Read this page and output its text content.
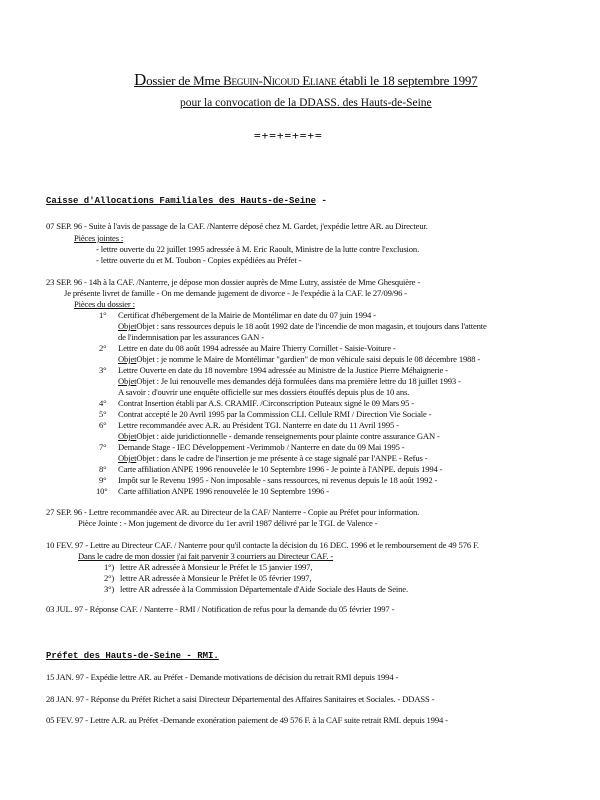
Dossier de Mme Beguin-Nicoud Eliane établi le 18 septembre 1997
pour la convocation de la DDASS. des Hauts-de-Seine
=+=+=+=+=
Caisse d'Allocations Familiales des Hauts-de-Seine -
07 SEP. 96 - Suite à l'avis de passage de la CAF. /Nanterre déposé chez M. Gardet, j'expédie lettre AR. au Directeur.
Pièces jointes :
- lettre ouverte du 22 juillet 1995 adressée à M. Eric Raoult, Ministre de la lutte contre l'exclusion.
- lettre ouverte du et M. Toubon - Copies expédiées au Préfet -
23 SEP. 96 - 14h à la CAF. /Nanterre, je dépose mon dossier auprès de Mme Lutry, assistée de Mme Ghesquière -
Je présente livret de famille - On me demande jugement de divorce - Je l'expédie à la CAF. le 27/09/96 -
Pièces du dossier :
1° Certificat d'hébergement de la Mairie de Montélimar en date du 07 juin 1994 -
ObjetObjet : sans ressources depuis le 18 août 1992 date de l'incendie de mon magasin, et toujours dans l'attente
de l'indemnisation par les assurances GAN -
2° Lettre en date du 08 août 1994 adressée au Maire Thierry Cornillet - Saisie-Voiture -
ObjetObjet : je nomme le Maire de Montélimar "gardien" de mon véhicule saisi depuis le 08 décembre 1988 -
3° Lettre Ouverte en date du 18 novembre 1994 adressée au Ministre de la Justice Pierre Méhaignerie -
ObjetObjet : Je lui renouvelle mes demandes déjà formulées dans ma première lettre du 18 juillet 1993 -
A savoir : d'ouvrir une enquête officielle sur mes dossiers étouffés depuis plus de 10 ans.
4° Contrat Insertion établi par A.S. CRAMIF. /Circonscription Puteaux signé le 09 Mars 95 -
5° Contrat accepté le 20 Avril 1995 par la Commission CLI. Cellule RMI / Direction Vie Sociale -
6° Lettre recommandée avec A.R. au Président TGI. Nanterre en date du 11 Avril 1995 -
ObjetObjet : aide juridictionnelle - demande renseignements pour plainte contre assurance GAN -
7° Demande Stage - IEC Développement -Verimmob / Nanterre en date du 09 Mai 1995 -
ObjetObjet : dans le cadre de l'insertion je me présente à ce stage signalé par l'ANPE - Refus -
8° Carte affiliation ANPE 1996 renouvelée le 10 Septembre 1996 - Je pointe à l'ANPE. depuis 1994 -
9° Impôt sur le Revenu 1995 - Non imposable - sans ressources, ni revenus depuis le 18 août 1992 -
10° Carte affiliation ANPE 1996 renouvelée le 10 Septembre 1996 -
27 SEP. 96 - Lettre recommandée avec AR. au Directeur de la CAF/ Nanterre - Copie au Préfet pour information.
Pièce Jointe : - Mon jugement de divorce du 1er avril 1987 délivré par le TGI. de Valence -
10 FEV. 97 - Lettre au Directeur CAF. / Nanterre pour qu'il contacte la décision du 16 DEC. 1996 et le remboursement de 49 576 F.
Dans le cadre de mon dossier j'ai fait parvenir 3 courriers au Directeur CAF. -
1°) lettre AR adressée à Monsieur le Préfet le 15 janvier 1997,
2°) lettre AR adressée à Monsieur le Préfet le 05 février 1997,
3°) lettre AR adressée à la Commission Départementale d'Aide Sociale des Hauts de Seine.
03 JUL. 97 - Réponse CAF. / Nanterre - RMI / Notification de refus pour la demande du 05 février 1997 -
Préfet des Hauts-de-Seine - RMI.
15 JAN. 97 - Expédie lettre AR. au Préfet - Demande motivations de décision du retrait RMI depuis 1994 -
28 JAN. 97 - Réponse du Préfet Richet a saisi Directeur Départemental des Affaires Sanitaires et Sociales. - DDASS -
05 FEV. 97 - Lettre A.R. au Préfet -Demande exonération paiement de 49 576 F. à la CAF suite retrait RMI. depuis 1994 -
